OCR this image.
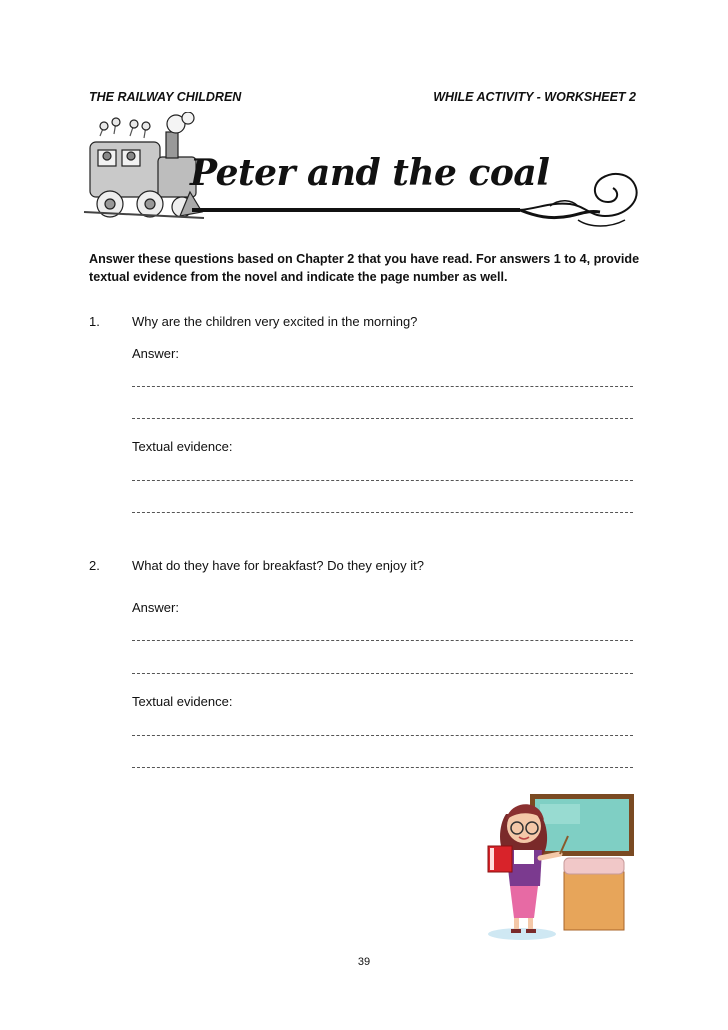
THE RAILWAY CHILDREN	WHILE ACTIVITY - WORKSHEET 2
Peter and the coal
Answer these questions based on Chapter 2 that you have read. For answers 1 to 4, provide textual evidence from the novel and indicate the page number as well.
1. Why are the children very excited in the morning?
Answer:
Textual evidence:
2. What do they have for breakfast? Do they enjoy it?
Answer:
Textual evidence:
39
